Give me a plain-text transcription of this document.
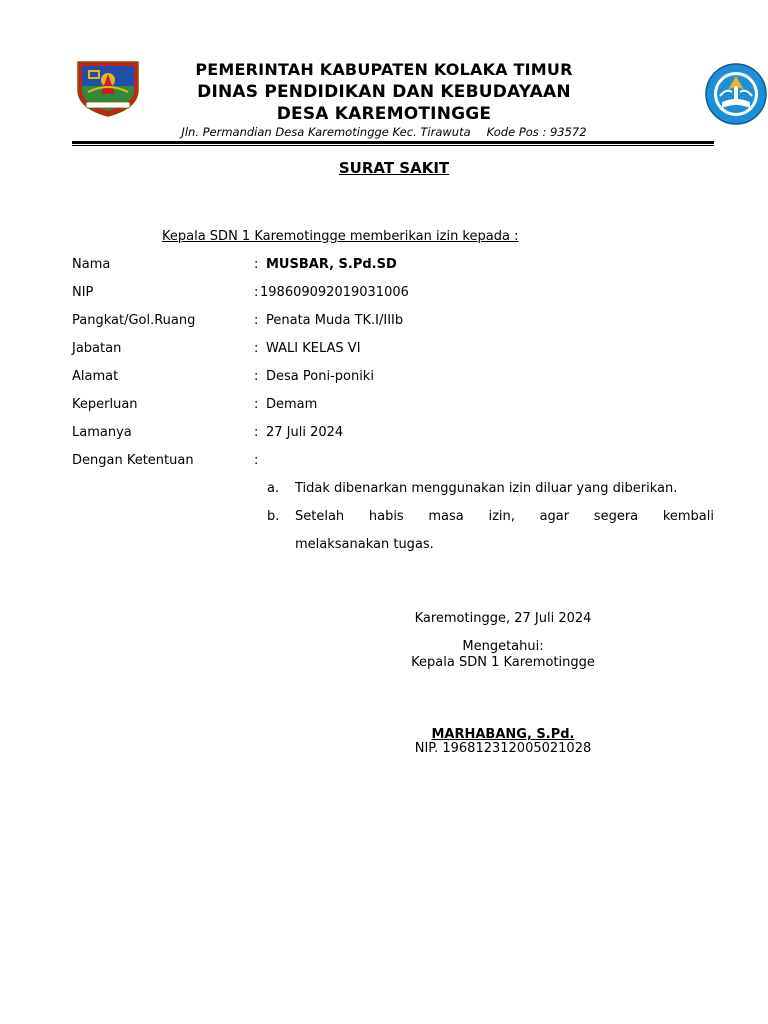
PEMERINTAH KABUPATEN KOLAKA TIMUR
DINAS PENDIDIKAN DAN KEBUDAYAAN
DESA KAREMOTINGGE
Jln. Permandian Desa Karemotingge Kec. Tirawuta Kode Pos : 93572
SURAT SAKIT
Kepala SDN 1 Karemotingge memberikan izin kepada :
Nama	: MUSBAR, S.Pd.SD
NIP	: 198609092019031006
Pangkat/Gol.Ruang	: Penata Muda TK.I/IIIb
Jabatan	: WALI KELAS VI
Alamat	: Desa Poni-poniki
Keperluan	: Demam
Lamanya	: 27 Juli 2024
Dengan Ketentuan	:
a. Tidak dibenarkan menggunakan izin diluar yang diberikan.
b. Setelah habis masa izin, agar segera kembali
melaksanakan tugas.
Karemotingge, 27 Juli 2024
Mengetahui:
Kepala SDN 1 Karemotingge
MARHABANG, S.Pd.
NIP. 196812312005021028
